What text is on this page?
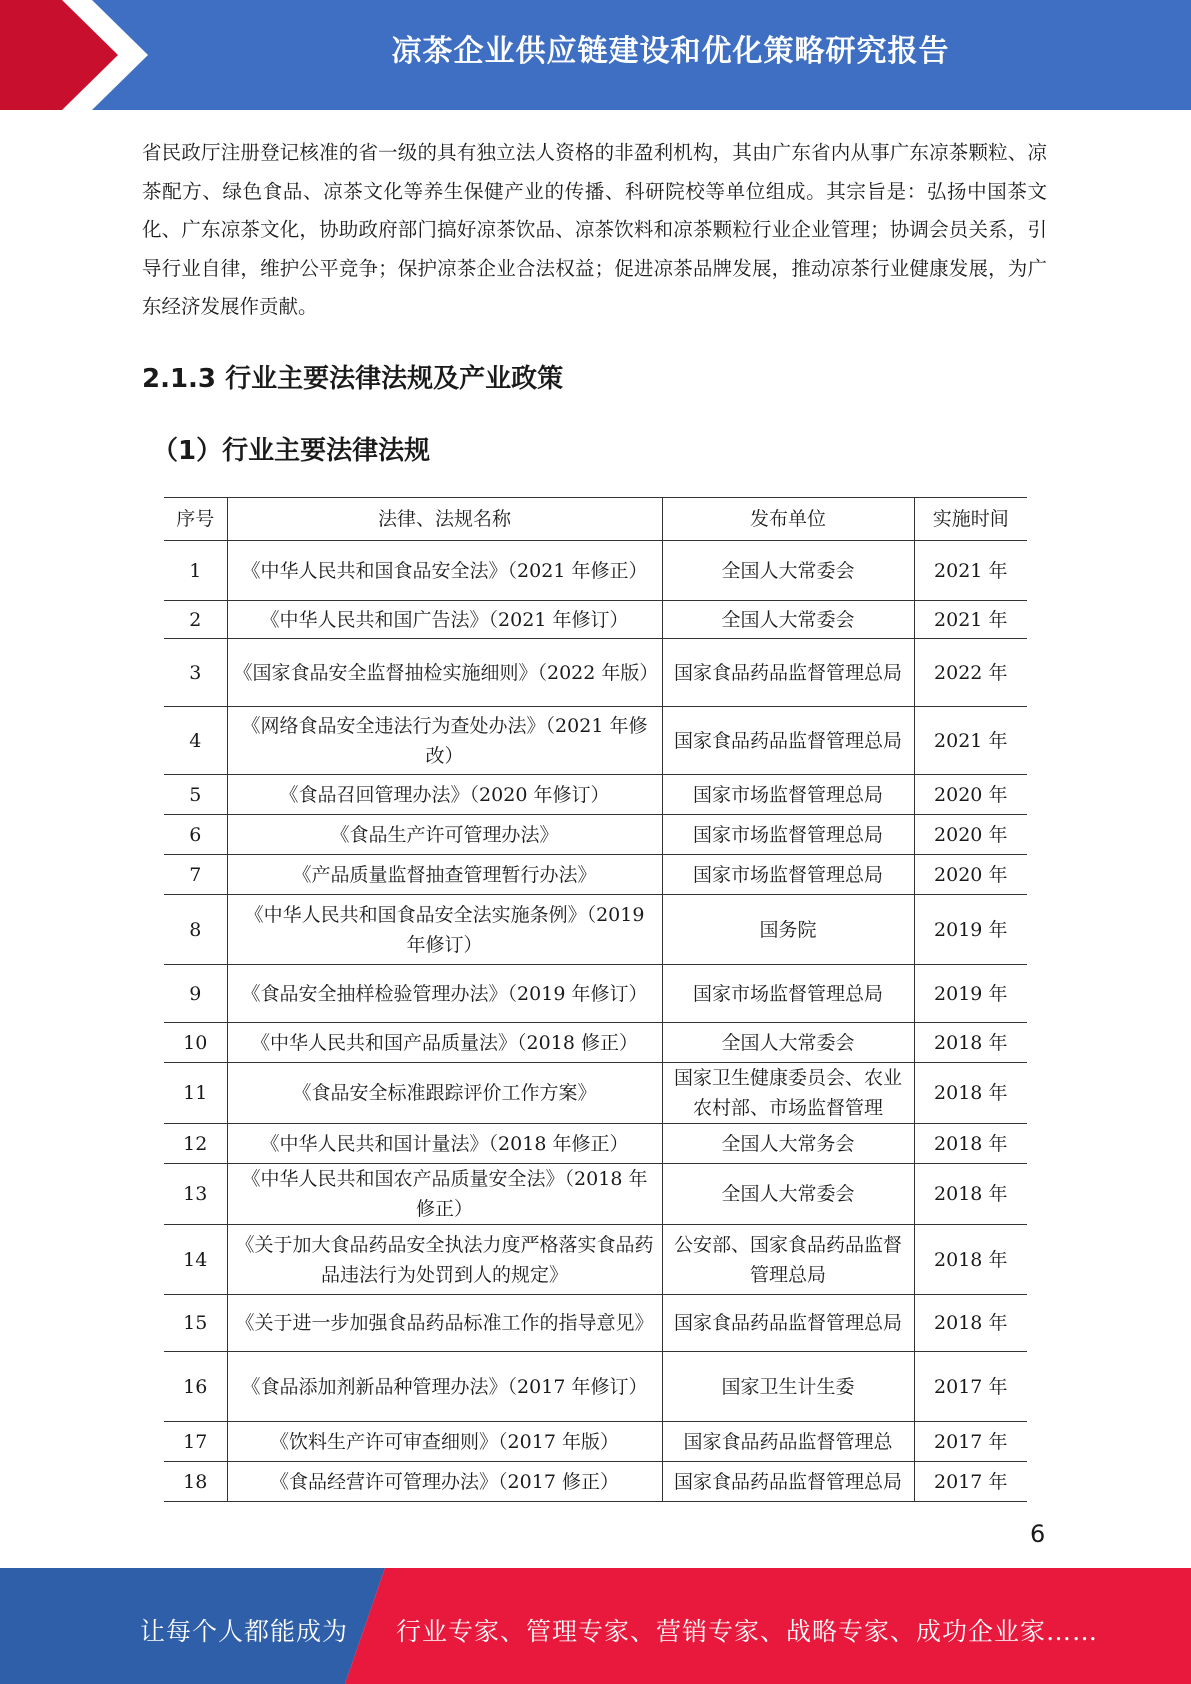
凉茶企业供应链建设和优化策略研究报告
省民政厅注册登记核准的省一级的具有独立法人资格的非盈利机构，其由广东省内从事广东凉茶颗粒、凉茶配方、绿色食品、凉茶文化等养生保健产业的传播、科研院校等单位组成。其宗旨是：弘扬中国茶文化、广东凉茶文化，协助政府部门搞好凉茶饮品、凉茶饮料和凉茶颗粒行业企业管理；协调会员关系，引导行业自律，维护公平竞争；保护凉茶企业合法权益；促进凉茶品牌发展，推动凉茶行业健康发展，为广东经济发展作贡献。
2.1.3 行业主要法律法规及产业政策
（1）行业主要法律法规
序号	法律、法规名称	发布单位	实施时间
1	《中华人民共和国食品安全法》（2021 年修正）	全国人大常委会	2021 年
2	《中华人民共和国广告法》（2021 年修订）	全国人大常委会	2021 年
3	《国家食品安全监督抽检实施细则》（2022 年版）	国家食品药品监督管理总局	2022 年
4	《网络食品安全违法行为查处办法》（2021 年修改）	国家食品药品监督管理总局	2021 年
5	《食品召回管理办法》（2020 年修订）	国家市场监督管理总局	2020 年
6	《食品生产许可管理办法》	国家市场监督管理总局	2020 年
7	《产品质量监督抽查管理暂行办法》	国家市场监督管理总局	2020 年
8	《中华人民共和国食品安全法实施条例》（2019 年修订）	国务院	2019 年
9	《食品安全抽样检验管理办法》（2019 年修订）	国家市场监督管理总局	2019 年
10	《中华人民共和国产品质量法》（2018 修正）	全国人大常委会	2018 年
11	《食品安全标准跟踪评价工作方案》	国家卫生健康委员会、农业农村部、市场监督管理	2018 年
12	《中华人民共和国计量法》（2018 年修正）	全国人大常务会	2018 年
13	《中华人民共和国农产品质量安全法》（2018 年修正）	全国人大常委会	2018 年
14	《关于加大食品药品安全执法力度严格落实食品药品违法行为处罚到人的规定》	公安部、国家食品药品监督管理总局	2018 年
15	《关于进一步加强食品药品标准工作的指导意见》	国家食品药品监督管理总局	2018 年
16	《食品添加剂新品种管理办法》（2017 年修订）	国家卫生计生委	2017 年
17	《饮料生产许可审查细则》（2017 年版）	国家食品药品监督管理总	2017 年
18	《食品经营许可管理办法》（2017 修正）	国家食品药品监督管理总局	2017 年
6
让每个人都能成为 行业专家、管理专家、营销专家、战略专家、成功企业家……
